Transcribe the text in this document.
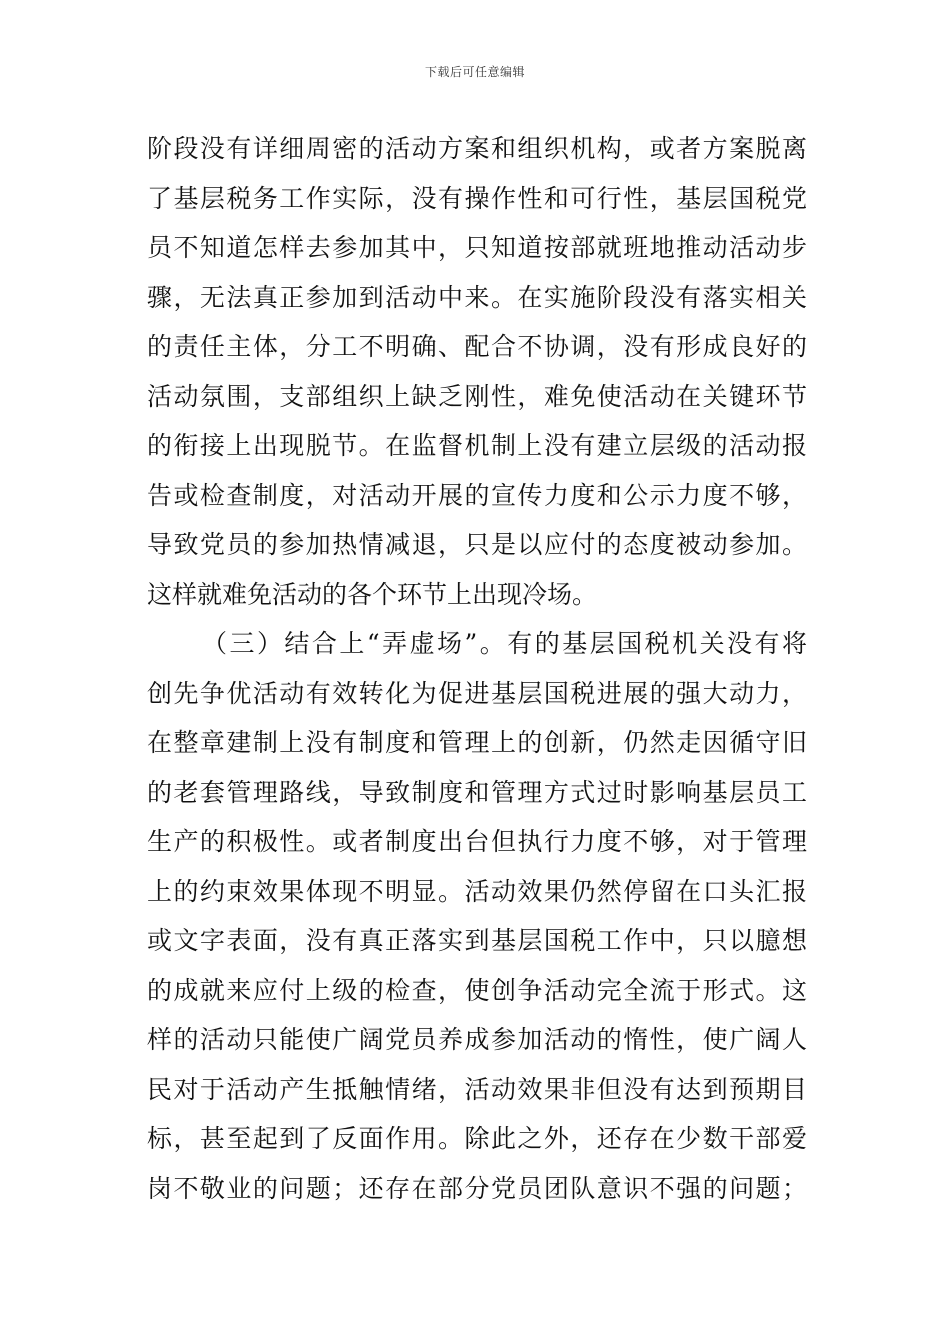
下载后可任意编辑
阶段没有详细周密的活动方案和组织机构，或者方案脱离
了基层税务工作实际，没有操作性和可行性，基层国税党
员不知道怎样去参加其中，只知道按部就班地推动活动步
骤，无法真正参加到活动中来。在实施阶段没有落实相关
的责任主体，分工不明确、配合不协调，没有形成良好的
活动氛围，支部组织上缺乏刚性，难免使活动在关键环节
的衔接上出现脱节。在监督机制上没有建立层级的活动报
告或检查制度，对活动开展的宣传力度和公示力度不够，
导致党员的参加热情减退，只是以应付的态度被动参加。
这样就难免活动的各个环节上出现冷场。
（三）结合上“弄虚场”。有的基层国税机关没有将
创先争优活动有效转化为促进基层国税进展的强大动力，
在整章建制上没有制度和管理上的创新，仍然走因循守旧
的老套管理路线，导致制度和管理方式过时影响基层员工
生产的积极性。或者制度出台但执行力度不够，对于管理
上的约束效果体现不明显。活动效果仍然停留在口头汇报
或文字表面，没有真正落实到基层国税工作中，只以臆想
的成就来应付上级的检查，使创争活动完全流于形式。这
样的活动只能使广阔党员养成参加活动的惰性，使广阔人
民对于活动产生抵触情绪，活动效果非但没有达到预期目
标，甚至起到了反面作用。除此之外，还存在少数干部爱
岗不敬业的问题；还存在部分党员团队意识不强的问题；
